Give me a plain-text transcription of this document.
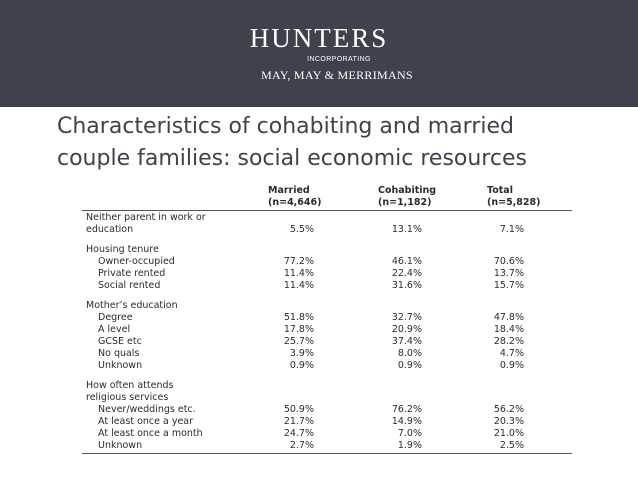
HUNTERS
INCORPORATING
MAY, MAY & MERRIMANS
Characteristics of cohabiting and married
couple families: social economic resources
Married	Cohabiting	Total
(n=4,646)	(n=1,182)	(n=5,828)
Neither parent in work or
education	5.5%	13.1%	7.1%
Housing tenure
Owner-occupied	77.2%	46.1%	70.6%
Private rented	11.4%	22.4%	13.7%
Social rented	11.4%	31.6%	15.7%
Mother’s education
Degree	51.8%	32.7%	47.8%
A level	17.8%	20.9%	18.4%
GCSE etc	25.7%	37.4%	28.2%
No quals	3.9%	8.0%	4.7%
Unknown	0.9%	0.9%	0.9%
How often attends
religious services
Never/weddings etc.	50.9%	76.2%	56.2%
At least once a year	21.7%	14.9%	20.3%
At least once a month	24.7%	7.0%	21.0%
Unknown	2.7%	1.9%	2.5%
